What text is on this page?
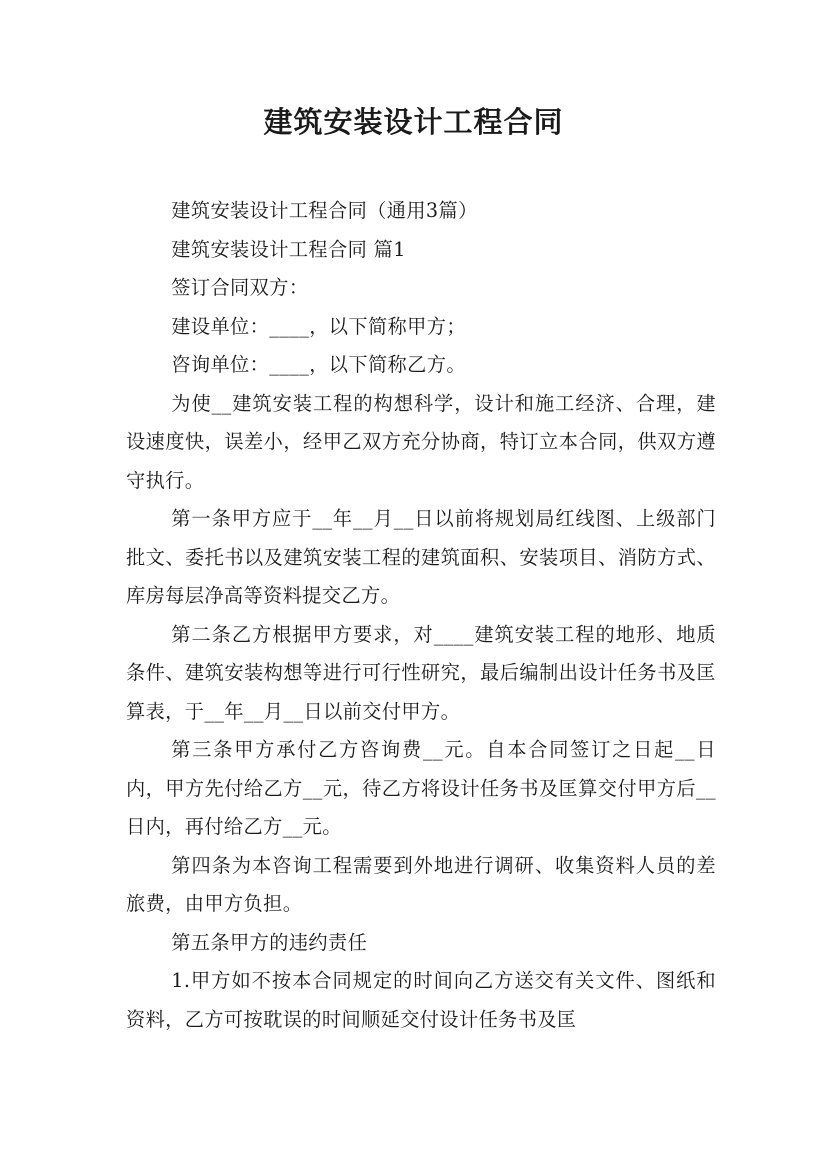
建筑安装设计工程合同

建筑安装设计工程合同（通用3篇）

建筑安装设计工程合同 篇1

签订合同双方：

建设单位：____，以下简称甲方；

咨询单位：____，以下简称乙方。

为使__建筑安装工程的构想科学，设计和施工经济、合理，建设速度快，误差小，经甲乙双方充分协商，特订立本合同，供双方遵守执行。

第一条甲方应于__年__月__日以前将规划局红线图、上级部门批文、委托书以及建筑安装工程的建筑面积、安装项目、消防方式、库房每层净高等资料提交乙方。

第二条乙方根据甲方要求，对____建筑安装工程的地形、地质条件、建筑安装构想等进行可行性研究，最后编制出设计任务书及匡算表，于__年__月__日以前交付甲方。

第三条甲方承付乙方咨询费__元。自本合同签订之日起__日内，甲方先付给乙方__元，待乙方将设计任务书及匡算交付甲方后__日内，再付给乙方__元。

第四条为本咨询工程需要到外地进行调研、收集资料人员的差旅费，由甲方负担。

第五条甲方的违约责任

1.甲方如不按本合同规定的时间向乙方送交有关文件、图纸和资料，乙方可按耽误的时间顺延交付设计任务书及匡
